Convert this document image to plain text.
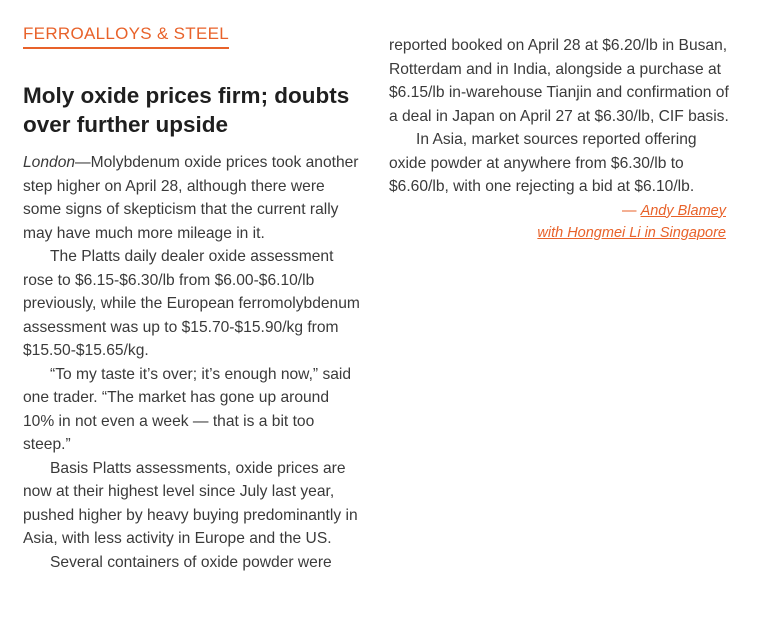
FERROALLOYS & STEEL
Moly oxide prices firm; doubts over further upside

London—Molybdenum oxide prices took another step higher on April 28, although there were some signs of skepticism that the current rally may have much more mileage in it.

The Platts daily dealer oxide assessment rose to $6.15-$6.30/lb from $6.00-$6.10/lb previously, while the European ferromolybdenum assessment was up to $15.70-$15.90/kg from $15.50-$15.65/kg.

“To my taste it’s over; it’s enough now,” said one trader. “The market has gone up around 10% in not even a week — that is a bit too steep.”

Basis Platts assessments, oxide prices are now at their highest level since July last year, pushed higher by heavy buying predominantly in Asia, with less activity in Europe and the US.

Several containers of oxide powder were

reported booked on April 28 at $6.20/lb in Busan, Rotterdam and in India, alongside a purchase at $6.15/lb in-warehouse Tianjin and confirmation of a deal in Japan on April 27 at $6.30/lb, CIF basis.

In Asia, market sources reported offering oxide powder at anywhere from $6.30/lb to $6.60/lb, with one rejecting a bid at $6.10/lb.

— Andy Blamey
with Hongmei Li in Singapore
